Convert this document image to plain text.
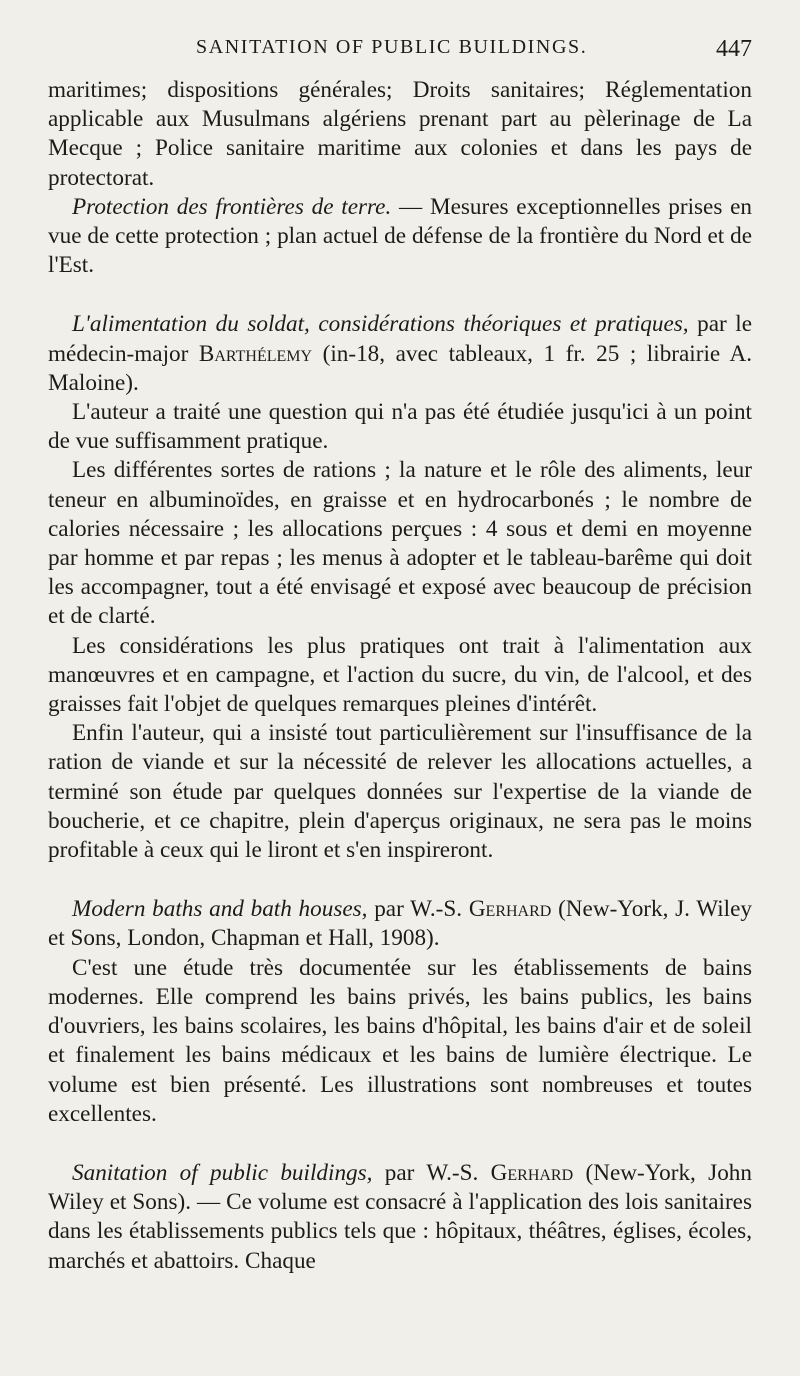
SANITATION OF PUBLIC BUILDINGS.	447

maritimes; dispositions générales; Droits sanitaires; Réglementation applicable aux Musulmans algériens prenant part au pèlerinage de La Mecque ; Police sanitaire maritime aux colonies et dans les pays de protectorat.

Protection des frontières de terre. — Mesures exceptionnelles prises en vue de cette protection ; plan actuel de défense de la frontière du Nord et de l'Est.

L'alimentation du soldat, considérations théoriques et pratiques, par le médecin-major Barthélemy (in-18, avec tableaux, 1 fr. 25 ; librairie A. Maloine).

L'auteur a traité une question qui n'a pas été étudiée jusqu'ici à un point de vue suffisamment pratique.

Les différentes sortes de rations ; la nature et le rôle des aliments, leur teneur en albuminoïdes, en graisse et en hydrocarbonés ; le nombre de calories nécessaire ; les allocations perçues : 4 sous et demi en moyenne par homme et par repas ; les menus à adopter et le tableau-barême qui doit les accompagner, tout a été envisagé et exposé avec beaucoup de précision et de clarté.

Les considérations les plus pratiques ont trait à l'alimentation aux manœuvres et en campagne, et l'action du sucre, du vin, de l'alcool, et des graisses fait l'objet de quelques remarques pleines d'intérêt.

Enfin l'auteur, qui a insisté tout particulièrement sur l'insuffisance de la ration de viande et sur la nécessité de relever les allocations actuelles, a terminé son étude par quelques données sur l'expertise de la viande de boucherie, et ce chapitre, plein d'aperçus originaux, ne sera pas le moins profitable à ceux qui le liront et s'en inspireront.

Modern baths and bath houses, par W.-S. Gerhard (New-York, J. Wiley et Sons, London, Chapman et Hall, 1908).

C'est une étude très documentée sur les établissements de bains modernes. Elle comprend les bains privés, les bains publics, les bains d'ouvriers, les bains scolaires, les bains d'hôpital, les bains d'air et de soleil et finalement les bains médicaux et les bains de lumière électrique. Le volume est bien présenté. Les illustrations sont nombreuses et toutes excellentes.

Sanitation of public buildings, par W.-S. Gerhard (New-York, John Wiley et Sons). — Ce volume est consacré à l'application des lois sanitaires dans les établissements publics tels que : hôpitaux, théâtres, églises, écoles, marchés et abattoirs. Chaque
